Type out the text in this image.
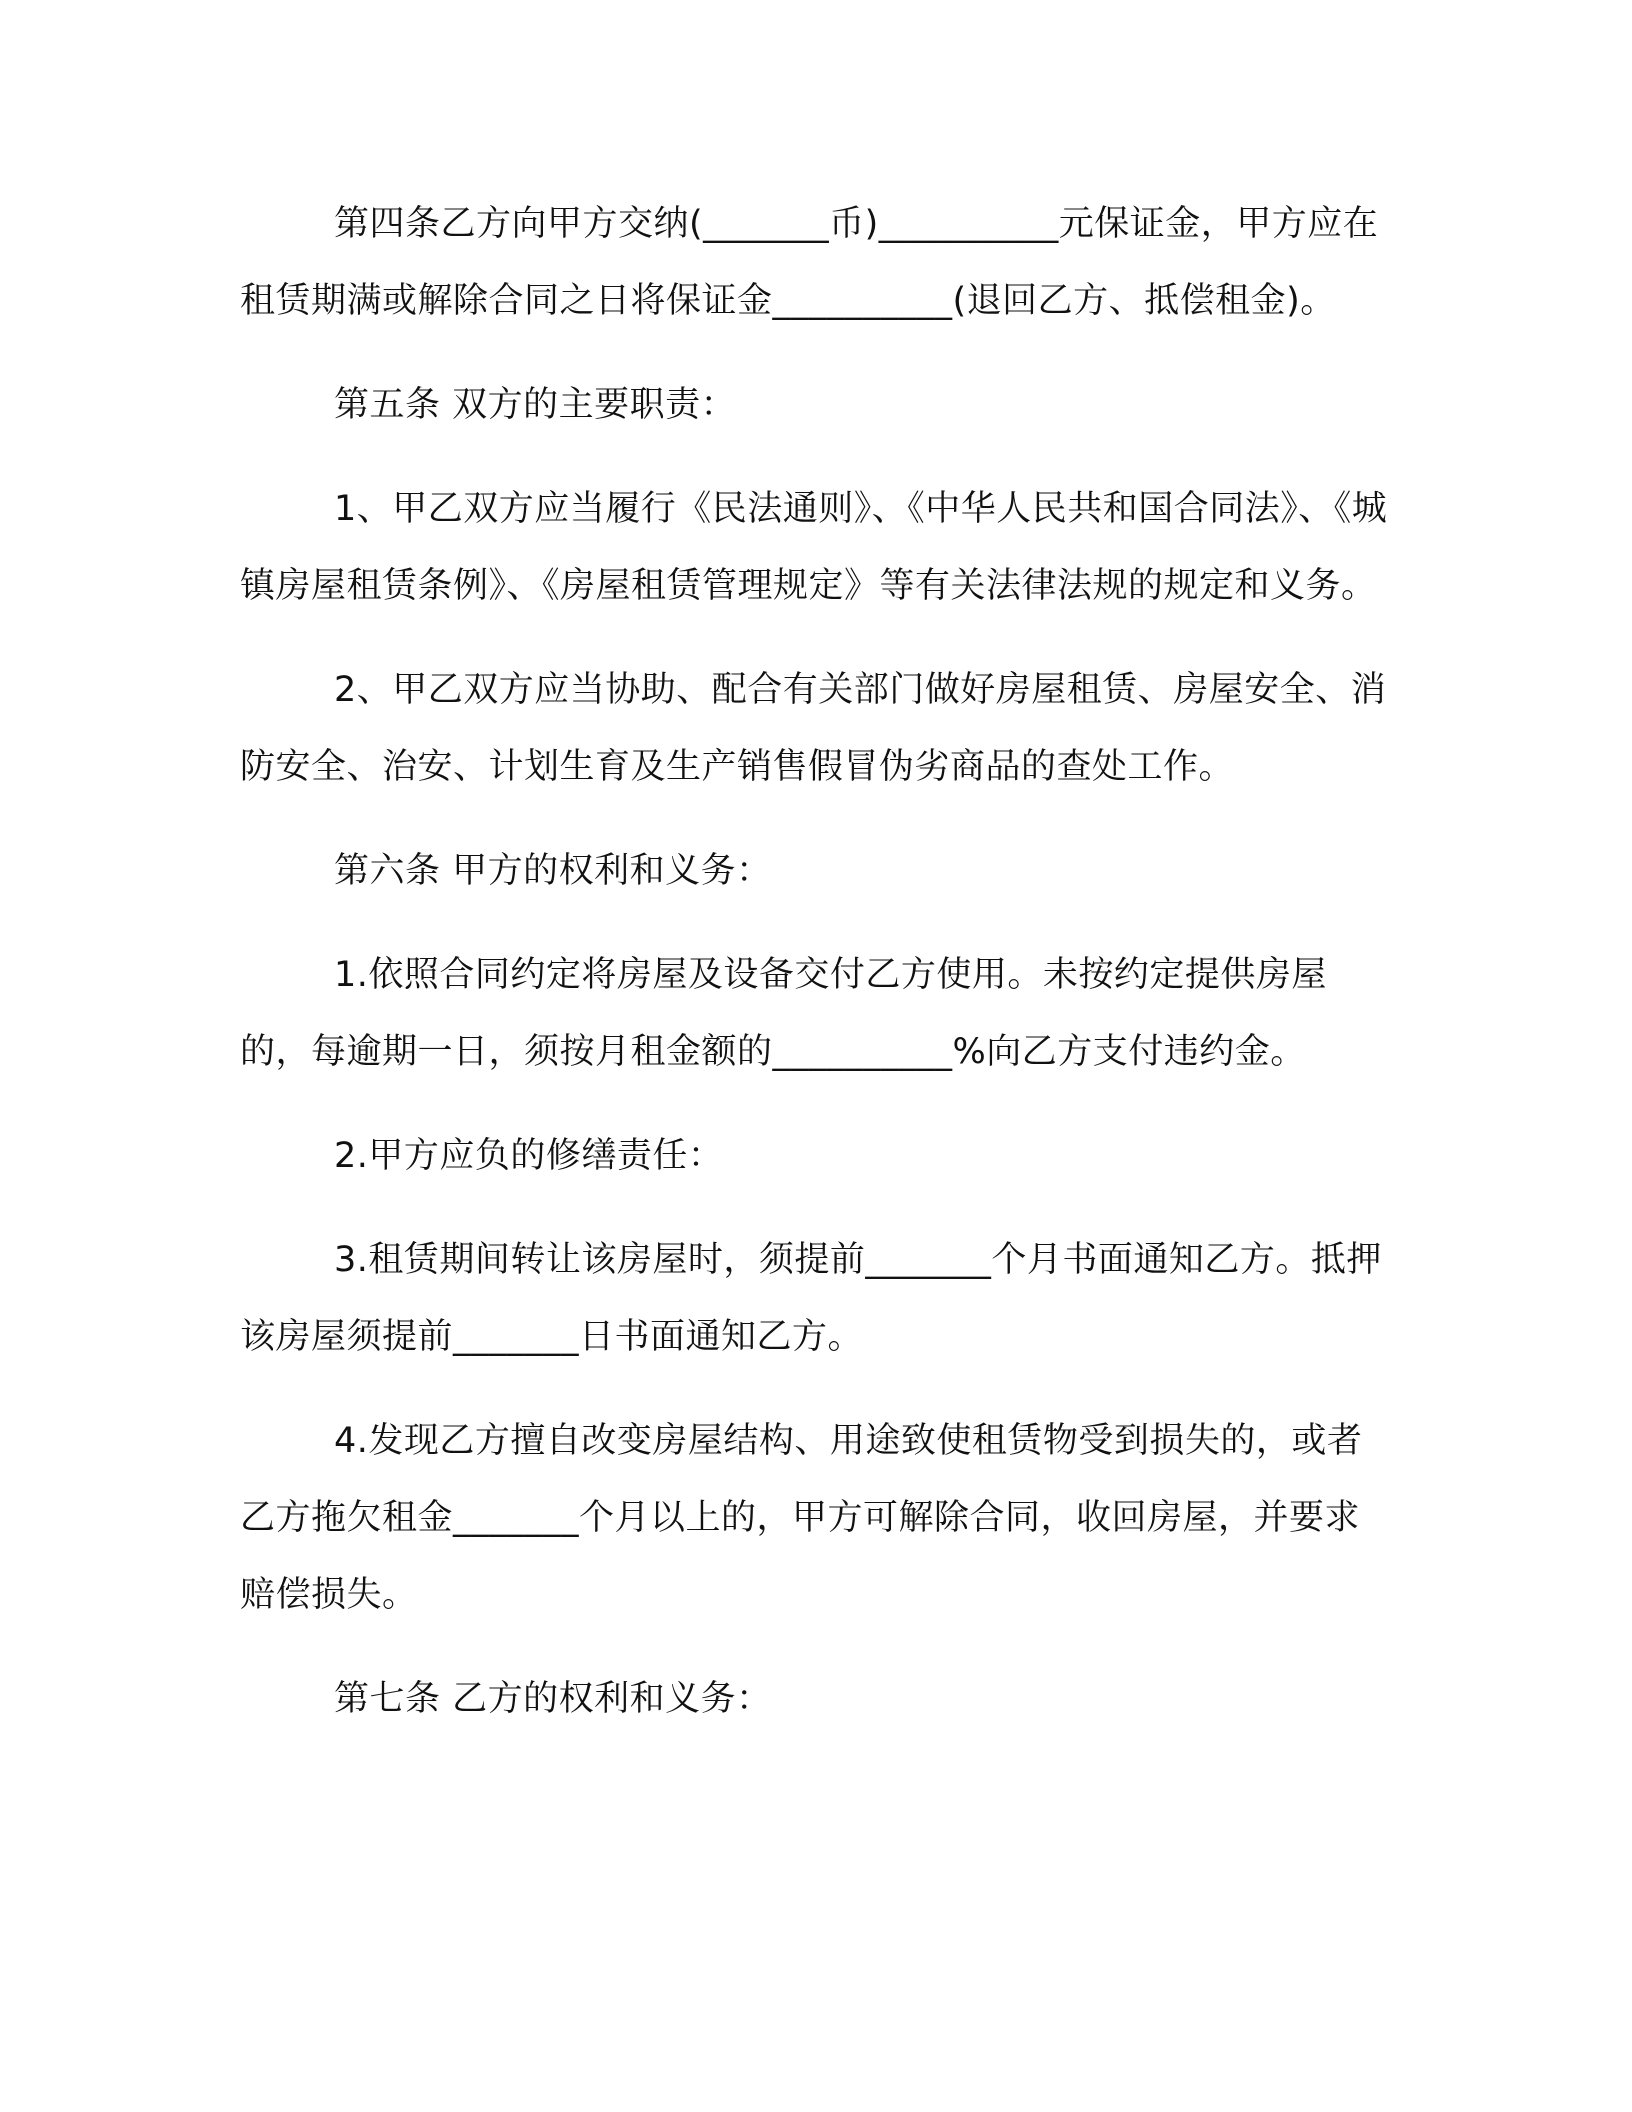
第四条乙方向甲方交纳(_______币)__________元保证金，甲方应在租赁期满或解除合同之日将保证金__________(退回乙方、抵偿租金)。

第五条 双方的主要职责：

1、甲乙双方应当履行《民法通则》、《中华人民共和国合同法》、《城镇房屋租赁条例》、《房屋租赁管理规定》等有关法律法规的规定和义务。

2、甲乙双方应当协助、配合有关部门做好房屋租赁、房屋安全、消防安全、治安、计划生育及生产销售假冒伪劣商品的查处工作。

第六条 甲方的权利和义务：

1.依照合同约定将房屋及设备交付乙方使用。未按约定提供房屋的，每逾期一日，须按月租金额的__________%向乙方支付违约金。

2.甲方应负的修缮责任：

3.租赁期间转让该房屋时，须提前_______个月书面通知乙方。抵押该房屋须提前_______日书面通知乙方。

4.发现乙方擅自改变房屋结构、用途致使租赁物受到损失的，或者乙方拖欠租金_______个月以上的，甲方可解除合同，收回房屋，并要求赔偿损失。

第七条 乙方的权利和义务：
